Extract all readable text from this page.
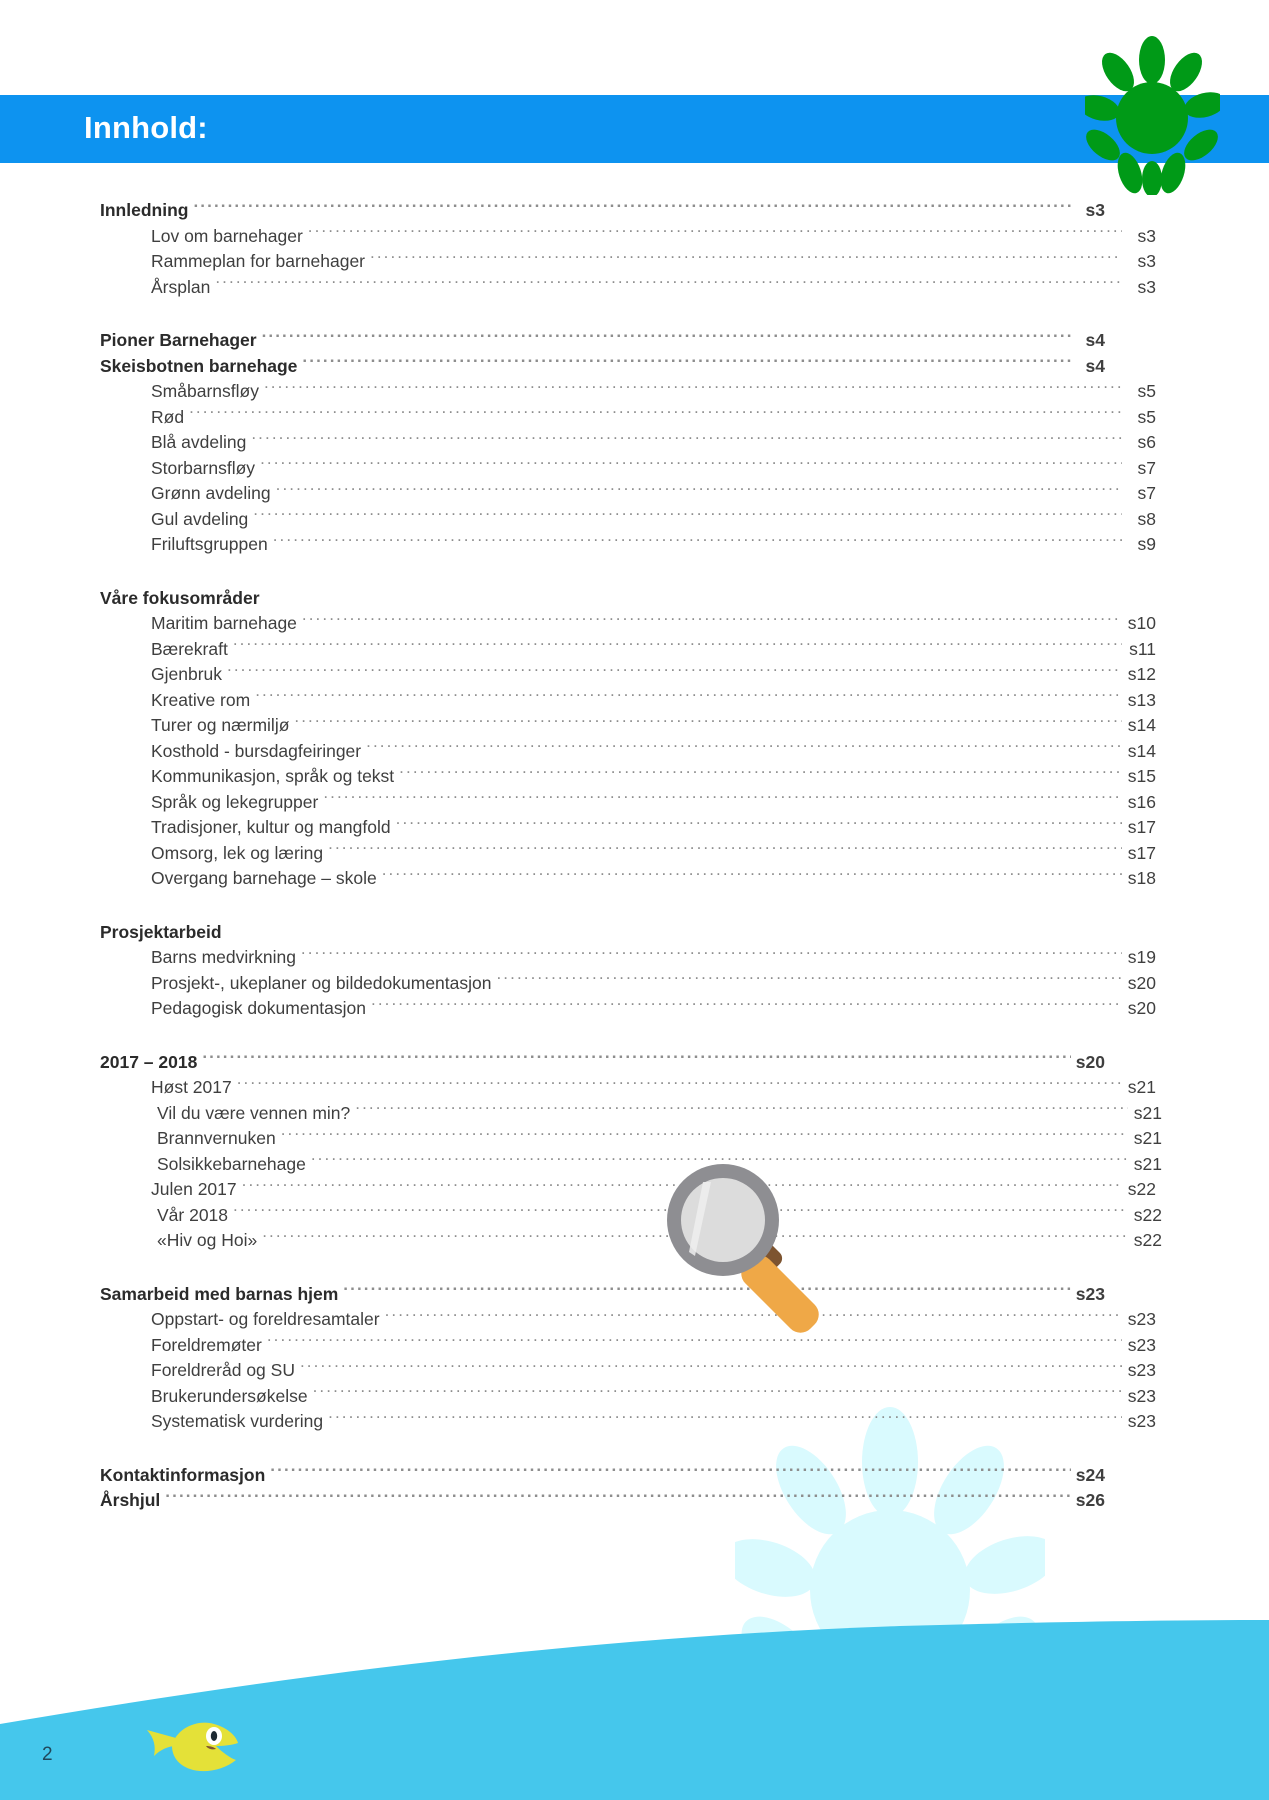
Innhold:
Innledning .....	s3
Lov om barnehager .....	s3
Rammeplan for barnehager .....	s3
Årsplan .....	s3
Pioner Barnehager .....	s4
Skeisbotnen barnehage .....	s4
Småbarnsfløy .....	s5
Rød .....	s5
Blå avdeling .....	s6
Storbarnsfløy .....	s7
Grønn avdeling .....	s7
Gul avdeling .....	s8
Friluftsgruppen .....	s9
Våre fokusområder
Maritim barnehage .....	s10
Bærekraft .....	s11
Gjenbruk .....	s12
Kreative rom .....	s13
Turer og nærmiljø .....	s14
Kosthold - bursdagfeiringer .....	s14
Kommunikasjon, språk og tekst .....	s15
Språk og lekegrupper .....	s16
Tradisjoner, kultur og mangfold .....	s17
Omsorg, lek og læring .....	s17
Overgang barnehage – skole .....	s18
Prosjektarbeid
Barns medvirkning .....	s19
Prosjekt-, ukeplaner og bildedokumentasjon .....	s20
Pedagogisk dokumentasjon .....	s20
2017 – 2018 .....	s20
Høst 2017 .....	s21
Vil du være vennen min? .....	s21
Brannvernuken .....	s21
Solsikkebarnehage .....	s21
Julen 2017 .....	s22
Vår 2018 .....	s22
«Hiv og Hoi» .....	s22
Samarbeid med barnas hjem .....	s23
Oppstart- og foreldresamtaler .....	s23
Foreldremøter .....	s23
Foreldreråd og SU .....	s23
Brukerundersøkelse .....	s23
Systematisk vurdering .....	s23
Kontaktinformasjon .....	s24
Årshjul .....	s26
2
